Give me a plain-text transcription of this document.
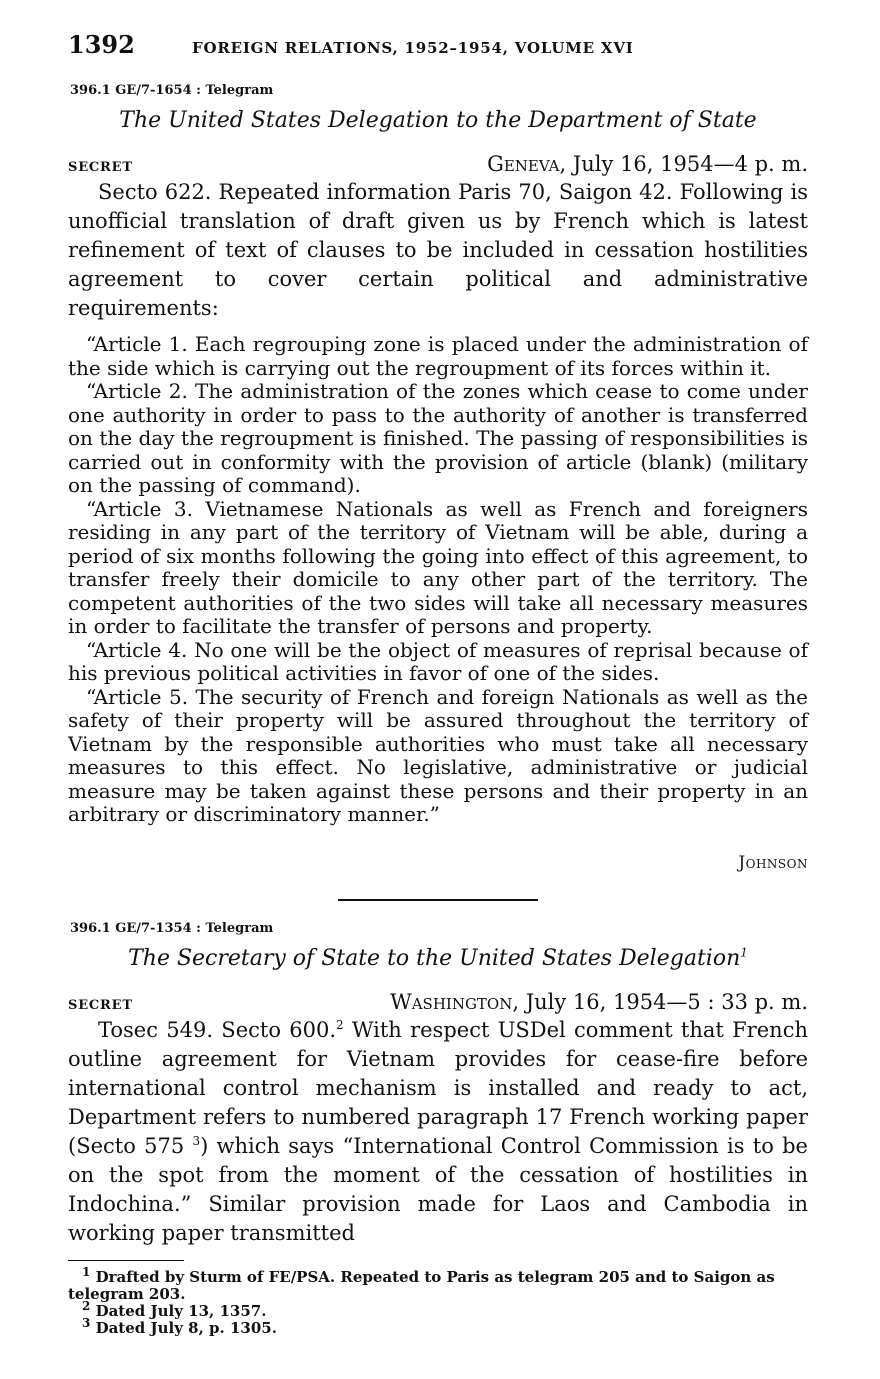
1392	FOREIGN RELATIONS, 1952–1954, VOLUME XVI
396.1 GE/7-1654 : Telegram

The United States Delegation to the Department of State

SECRET	Geneva, July 16, 1954—4 p. m.

Secto 622. Repeated information Paris 70, Saigon 42. Following is unofficial translation of draft given us by French which is latest refinement of text of clauses to be included in cessation hostilities agreement to cover certain political and administrative requirements:

“Article 1. Each regrouping zone is placed under the administration of the side which is carrying out the regroupment of its forces within it.

“Article 2. The administration of the zones which cease to come under one authority in order to pass to the authority of another is transferred on the day the regroupment is finished. The passing of responsibilities is carried out in conformity with the provision of article (blank) (military on the passing of command).

“Article 3. Vietnamese Nationals as well as French and foreigners residing in any part of the territory of Vietnam will be able, during a period of six months following the going into effect of this agreement, to transfer freely their domicile to any other part of the territory. The competent authorities of the two sides will take all necessary measures in order to facilitate the transfer of persons and property.

“Article 4. No one will be the object of measures of reprisal because of his previous political activities in favor of one of the sides.

“Article 5. The security of French and foreign Nationals as well as the safety of their property will be assured throughout the territory of Vietnam by the responsible authorities who must take all necessary measures to this effect. No legislative, administrative or judicial measure may be taken against these persons and their property in an arbitrary or discriminatory manner.”

Johnson
396.1 GE/7-1354 : Telegram

The Secretary of State to the United States Delegation$^1$

SECRET	Washington, July 16, 1954—5 : 33 p. m.

Tosec 549. Secto 600.$^2$ With respect USDel comment that French outline agreement for Vietnam provides for cease-fire before international control mechanism is installed and ready to act, Department refers to numbered paragraph 17 French working paper (Secto 575 $^3$) which says “International Control Commission is to be on the spot from the moment of the cessation of hostilities in Indochina.” Similar provision made for Laos and Cambodia in working paper transmitted

$^1$ Drafted by Sturm of FE/PSA. Repeated to Paris as telegram 205 and to Saigon as telegram 203.

$^2$ Dated July 13, 1357.

$^3$ Dated July 8, p. 1305.
